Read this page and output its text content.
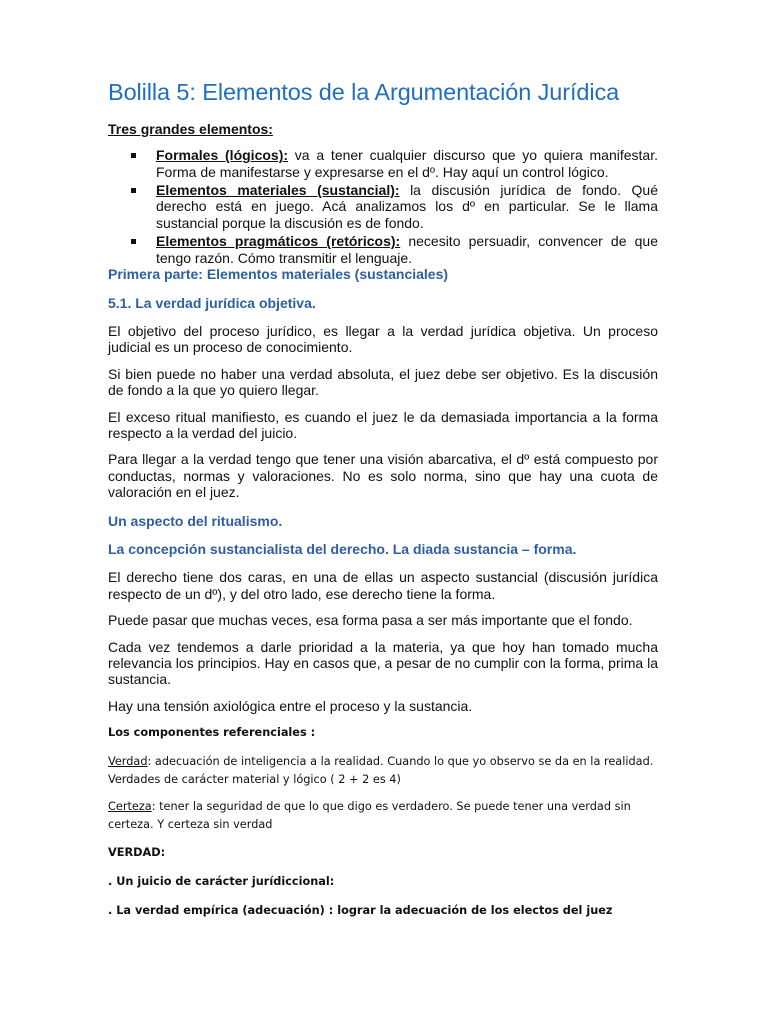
Bolilla 5: Elementos de la Argumentación Jurídica

Tres grandes elementos:

Formales (lógicos): va a tener cualquier discurso que yo quiera manifestar. Forma de manifestarse y expresarse en el dº. Hay aquí un control lógico.
Elementos materiales (sustancial): la discusión jurídica de fondo. Qué derecho está en juego. Acá analizamos los dº en particular. Se le llama sustancial porque la discusión es de fondo.
Elementos pragmáticos (retóricos): necesito persuadir, convencer de que tengo razón. Cómo transmitir el lenguaje.

Primera parte: Elementos materiales (sustanciales)

5.1. La verdad jurídica objetiva.

El objetivo del proceso jurídico, es llegar a la verdad jurídica objetiva. Un proceso judicial es un proceso de conocimiento.

Si bien puede no haber una verdad absoluta, el juez debe ser objetivo. Es la discusión de fondo a la que yo quiero llegar.

El exceso ritual manifiesto, es cuando el juez le da demasiada importancia a la forma respecto a la verdad del juicio.

Para llegar a la verdad tengo que tener una visión abarcativa, el dº está compuesto por conductas, normas y valoraciones. No es solo norma, sino que hay una cuota de valoración en el juez.

Un aspecto del ritualismo.

La concepción sustancialista del derecho. La diada sustancia – forma.

El derecho tiene dos caras, en una de ellas un aspecto sustancial (discusión jurídica respecto de un dº), y del otro lado, ese derecho tiene la forma.

Puede pasar que muchas veces, esa forma pasa a ser más importante que el fondo.

Cada vez tendemos a darle prioridad a la materia, ya que hoy han tomado mucha relevancia los principios. Hay en casos que, a pesar de no cumplir con la forma, prima la sustancia.

Hay una tensión axiológica entre el proceso y la sustancia.

Los componentes referenciales :

Verdad: adecuación de inteligencia a la realidad. Cuando lo que yo observo se da en la realidad. Verdades de carácter material y lógico ( 2 + 2 es 4)

Certeza: tener la seguridad de que lo que digo es verdadero. Se puede tener una verdad sin certeza. Y certeza sin verdad

VERDAD:

. Un juicio de carácter jurídiccional:

. La verdad empírica (adecuación) : lograr la adecuación de los electos del juez
